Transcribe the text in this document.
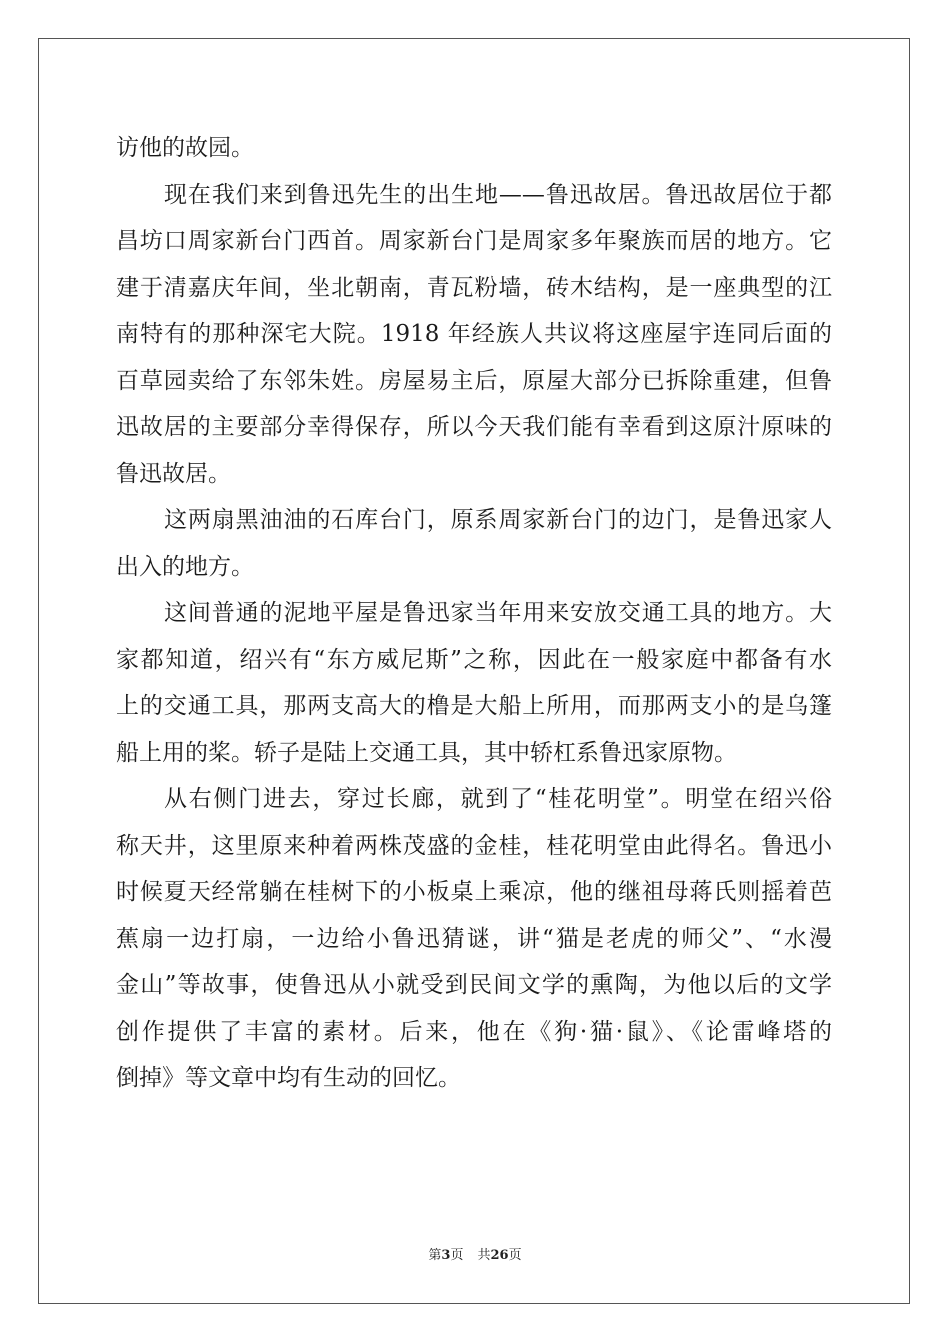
访他的故园。
现在我们来到鲁迅先生的出生地——鲁迅故居。鲁迅故居位于都
昌坊口周家新台门西首。周家新台门是周家多年聚族而居的地方。它
建于清嘉庆年间，坐北朝南，青瓦粉墙，砖木结构，是一座典型的江
南特有的那种深宅大院。1918 年经族人共议将这座屋宇连同后面的
百草园卖给了东邻朱姓。房屋易主后，原屋大部分已拆除重建，但鲁
迅故居的主要部分幸得保存，所以今天我们能有幸看到这原汁原味的
鲁迅故居。
这两扇黑油油的石库台门，原系周家新台门的边门，是鲁迅家人
出入的地方。
这间普通的泥地平屋是鲁迅家当年用来安放交通工具的地方。大
家都知道，绍兴有“东方威尼斯”之称，因此在一般家庭中都备有水
上的交通工具，那两支高大的橹是大船上所用，而那两支小的是乌篷
船上用的桨。轿子是陆上交通工具，其中轿杠系鲁迅家原物。
从右侧门进去，穿过长廊，就到了“桂花明堂”。明堂在绍兴俗
称天井，这里原来种着两株茂盛的金桂，桂花明堂由此得名。鲁迅小
时候夏天经常躺在桂树下的小板桌上乘凉，他的继祖母蒋氏则摇着芭
蕉扇一边打扇，一边给小鲁迅猜谜，讲“猫是老虎的师父”、“水漫
金山”等故事，使鲁迅从小就受到民间文学的熏陶，为他以后的文学
创作提供了丰富的素材。后来，他在《狗·猫·鼠》、《论雷峰塔的
倒掉》等文章中均有生动的回忆。
第3页 共26页
